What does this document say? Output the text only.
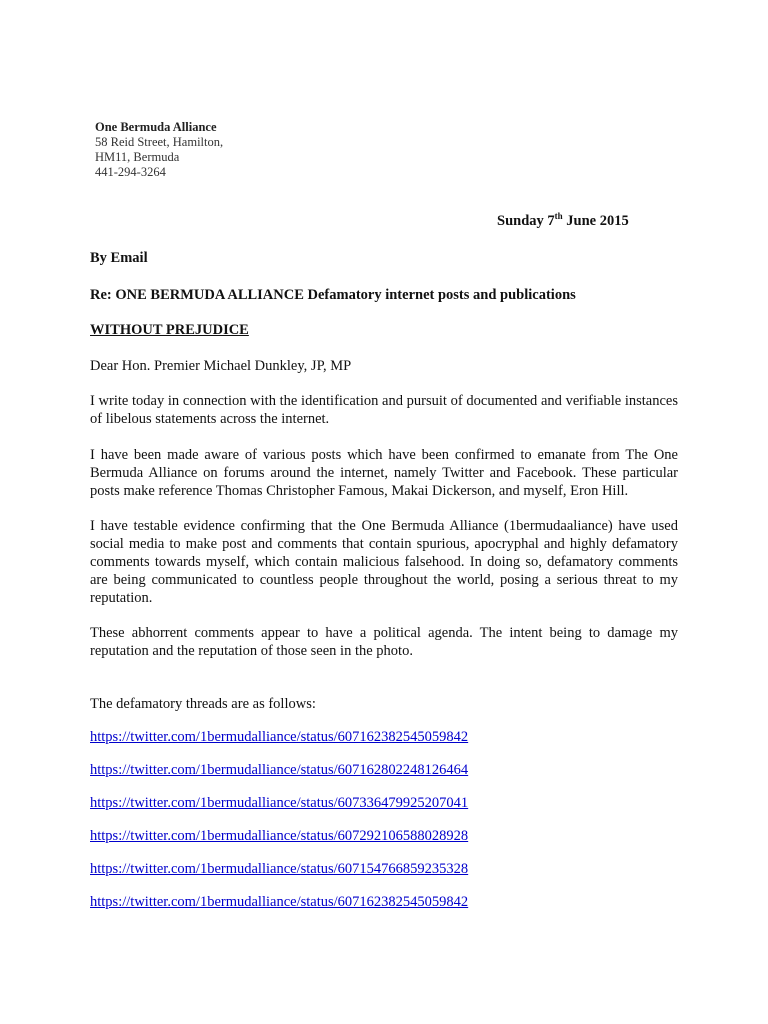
One Bermuda Alliance
58 Reid Street, Hamilton,
HM11, Bermuda
441-294-3264
Sunday 7th June 2015
By Email
Re: ONE BERMUDA ALLIANCE Defamatory internet posts and publications
WITHOUT PREJUDICE
Dear Hon. Premier Michael Dunkley, JP, MP
I write today in connection with the identification and pursuit of documented and verifiable instances of libelous statements across the internet.
I have been made aware of various posts which have been confirmed to emanate from The One Bermuda Alliance on forums around the internet, namely Twitter and Facebook. These particular posts make reference Thomas Christopher Famous, Makai Dickerson, and myself, Eron Hill.
I have testable evidence confirming that the One Bermuda Alliance (1bermudaaliance) have used social media to make post and comments that contain spurious, apocryphal and highly defamatory comments towards myself, which contain malicious falsehood. In doing so, defamatory comments are being communicated to countless people throughout the world, posing a serious threat to my reputation.
These abhorrent comments appear to have a political agenda. The intent being to damage my reputation and the reputation of those seen in the photo.
The defamatory threads are as follows:
https://twitter.com/1bermudalliance/status/607162382545059842
https://twitter.com/1bermudalliance/status/607162802248126464
https://twitter.com/1bermudalliance/status/607336479925207041
https://twitter.com/1bermudalliance/status/607292106588028928
https://twitter.com/1bermudalliance/status/607154766859235328
https://twitter.com/1bermudalliance/status/607162382545059842
